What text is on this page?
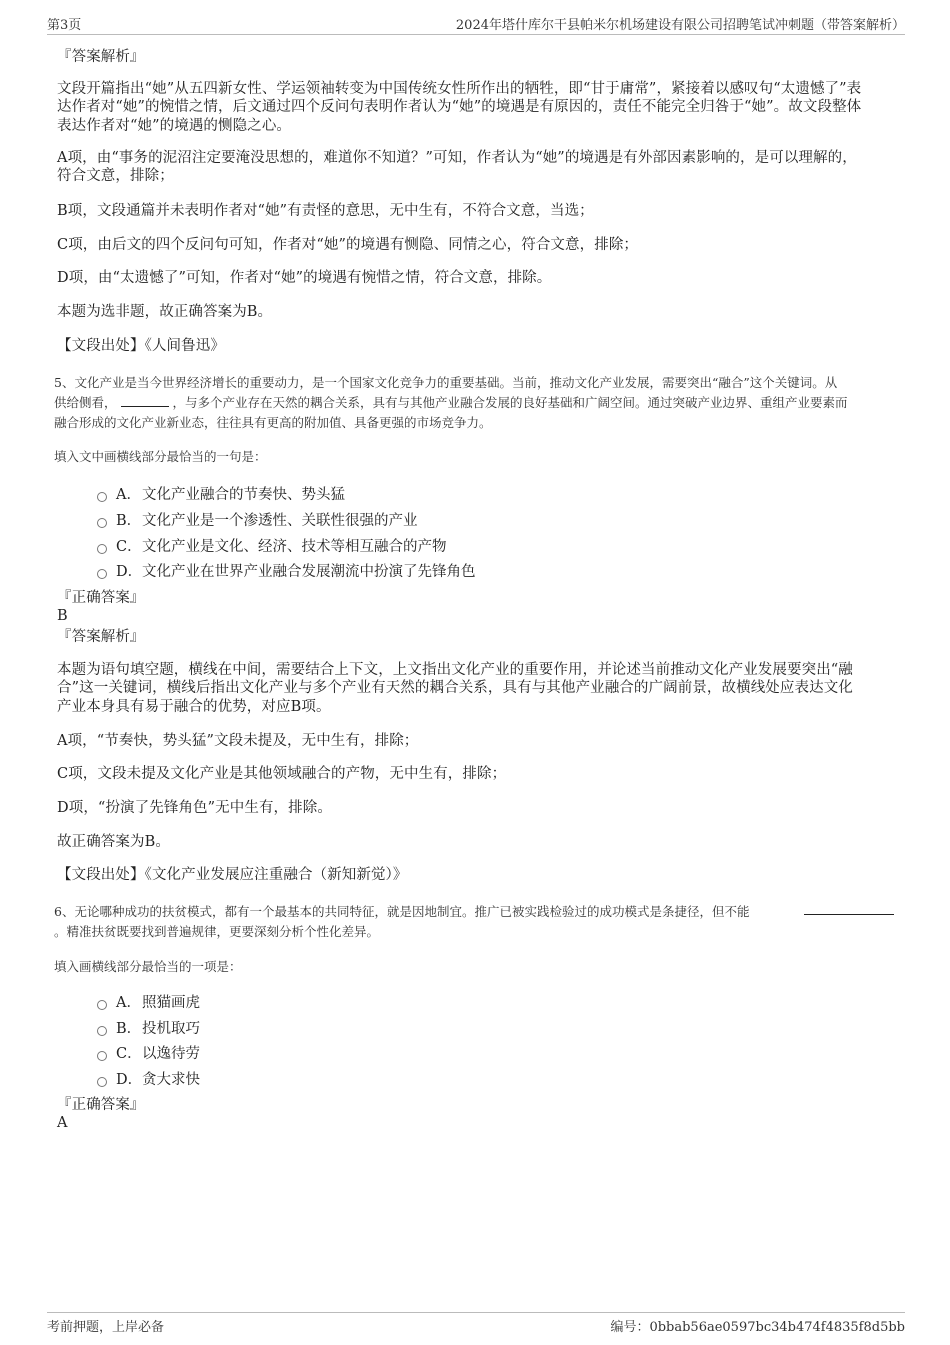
第3页	2024年塔什库尔干县帕米尔机场建设有限公司招聘笔试冲刺题（带答案解析）
『答案解析』
文段开篇指出“她”从五四新女性、学运领袖转变为中国传统女性所作出的牺牲，即“甘于庸常”，紧接着以感叹句“太遗憾了”表
达作者对“她”的惋惜之情，后文通过四个反问句表明作者认为“她”的境遇是有原因的，责任不能完全归咎于“她”。故文段整体
表达作者对“她”的境遇的恻隐之心。
A项，由“事务的泥沼注定要淹没思想的，难道你不知道？”可知，作者认为“她”的境遇是有外部因素影响的，是可以理解的，
符合文意，排除；
B项，文段通篇并未表明作者对“她”有责怪的意思，无中生有，不符合文意，当选；
C项，由后文的四个反问句可知，作者对“她”的境遇有恻隐、同情之心，符合文意，排除；
D项，由“太遗憾了”可知，作者对“她”的境遇有惋惜之情，符合文意，排除。
本题为选非题，故正确答案为B。
【文段出处】《人间鲁迅》
5、文化产业是当今世界经济增长的重要动力，是一个国家文化竞争力的重要基础。当前，推动文化产业发展，需要突出“融合”这个关键词。从
供给侧看，	，与多个产业存在天然的耦合关系，具有与其他产业融合发展的良好基础和广阔空间。通过突破产业边界、重组产业要素而
融合形成的文化产业新业态，往往具有更高的附加值、具备更强的市场竞争力。
填入文中画横线部分最恰当的一句是：
A．文化产业融合的节奏快、势头猛
B．文化产业是一个渗透性、关联性很强的产业
C．文化产业是文化、经济、技术等相互融合的产物
D．文化产业在世界产业融合发展潮流中扮演了先锋角色
『正确答案』
B
『答案解析』
本题为语句填空题，横线在中间，需要结合上下文，上文指出文化产业的重要作用，并论述当前推动文化产业发展要突出“融
合”这一关键词，横线后指出文化产业与多个产业有天然的耦合关系，具有与其他产业融合的广阔前景，故横线处应表达文化
产业本身具有易于融合的优势，对应B项。
A项，“节奏快，势头猛”文段未提及，无中生有，排除；
C项，文段未提及文化产业是其他领域融合的产物，无中生有，排除；
D项，“扮演了先锋角色”无中生有，排除。
故正确答案为B。
【文段出处】《文化产业发展应注重融合（新知新觉）》
6、无论哪种成功的扶贫模式，都有一个最基本的共同特征，就是因地制宜。推广已被实践检验过的成功模式是条捷径，但不能
。精准扶贫既要找到普遍规律，更要深刻分析个性化差异。
填入画横线部分最恰当的一项是：
A．照猫画虎
B．投机取巧
C．以逸待劳
D．贪大求快
『正确答案』
A
考前押题，上岸必备	编号：0bbab56ae0597bc34b474f4835f8d5bb
